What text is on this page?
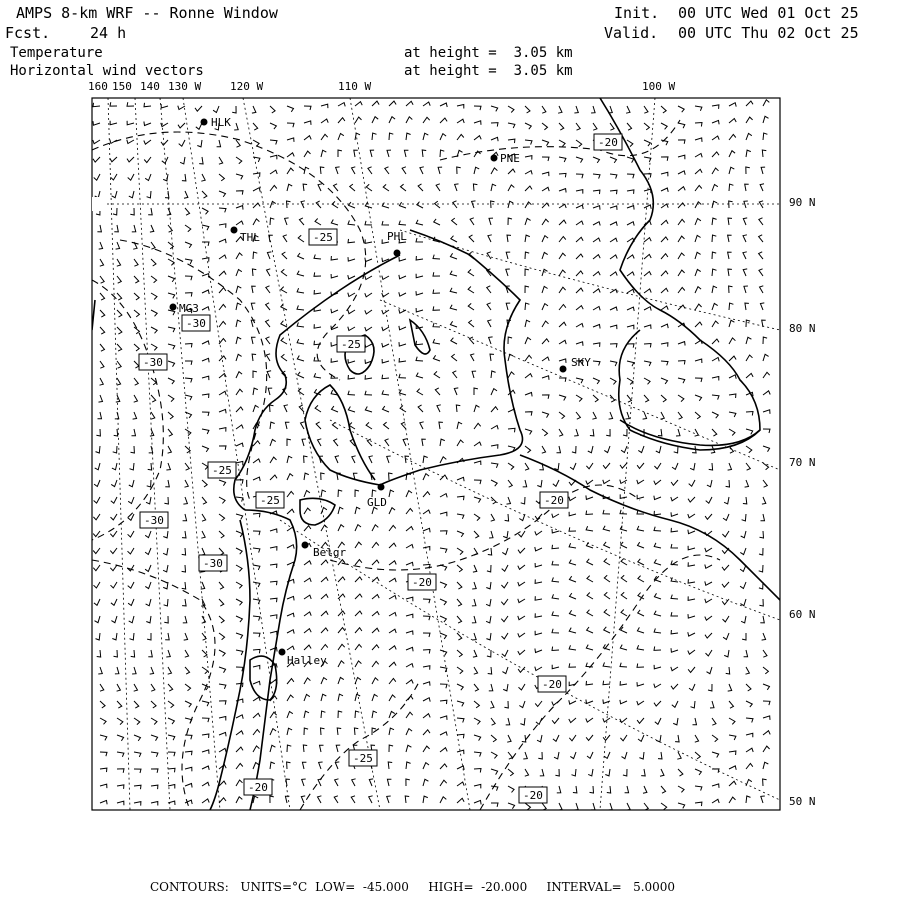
AMPS 8-km WRF -- Ronne Window
Fcst.	24 h
Init. 00 UTC Wed 01 Oct 25
Valid. 00 UTC Thu 02 Oct 25
Temperature
Horizontal wind vectors
at height =  3.05 km
at height =  3.05 km
160 150 140 130 W	120 W	110 W	100 W
90 N
80 N
70 N
60 N
50 N
HLK
PNE
THL	PHL
MG3
SKY
GLD
Belgr
Halley
-20
-25
-30
-25
-30
-25
-30
-20
-25
-20
-20
-30
-25
-20
-20
CONTOURS: UNITS=°C LOW=  -45.000 HIGH=  -20.000 INTERVAL=   5.0000
